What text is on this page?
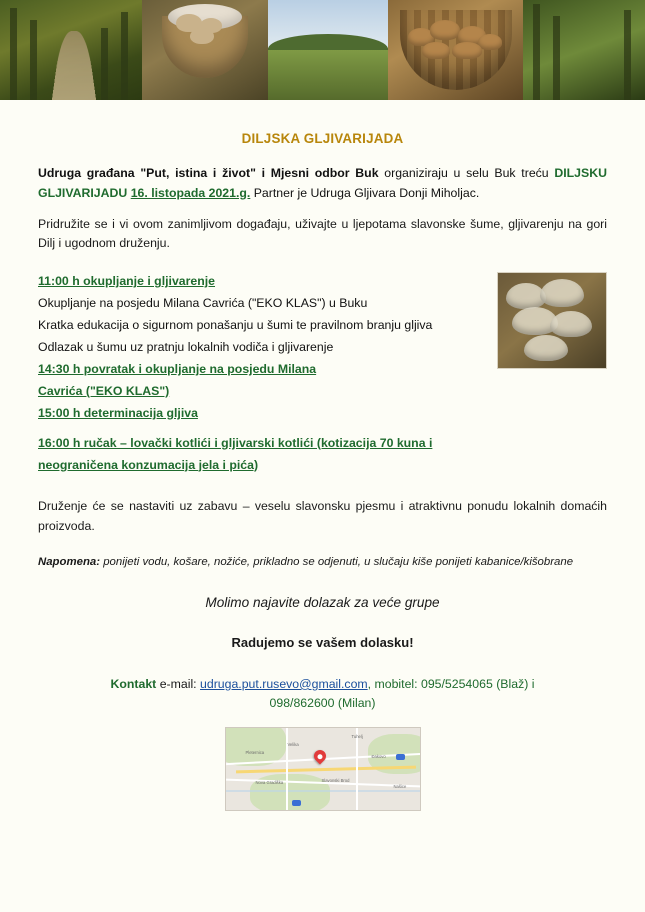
DILJSKA GLJIVARIJADA

Udruga građana "Put, istina i život" i Mjesni odbor Buk organiziraju u selu Buk treću DILJSKU GLJIVARIJADU 16. listopada 2021.g. Partner je Udruga Gljivara Donji Miholjac.

Pridružite se i vi ovom zanimljivom događaju, uživajte u ljepotama slavonske šume, gljivarenju na gori Dilj i ugodnom druženju.

11:00 h okupljanje i gljivarenje
Okupljanje na posjedu Milana Cavrića ("EKO KLAS") u Buku
Kratka edukacija o sigurnom ponašanju u šumi te pravilnom branju gljiva
Odlazak u šumu uz pratnju lokalnih vodiča i gljivarenje
14:30 h povratak i okupljanje na posjedu Milana
Cavrića ("EKO KLAS")
15:00 h determinacija gljiva
16:00 h ručak – lovački kotlići i gljivarski kotlići (kotizacija 70 kuna i
neograničena konzumacija jela i pića)

Druženje će se nastaviti uz zabavu – veselu slavonsku pjesmu i atraktivnu ponudu lokalnih domaćih proizvoda.

Napomena: ponijeti vodu, košare, nožiće, prikladno se odjenuti, u slučaju kiše ponijeti kabanice/kišobrane

Molimo najavite dolazak za veće grupe
Radujemo se vašem dolasku!
Kontakt e-mail: udruga.put.rusevo@gmail.com, mobitel: 095/5254065 (Blaž) i
098/862600 (Milan)
Tuhelj
Pleternica
Velika
Đakovo
Nova Gradiška	Slavonski Brod
Našice
